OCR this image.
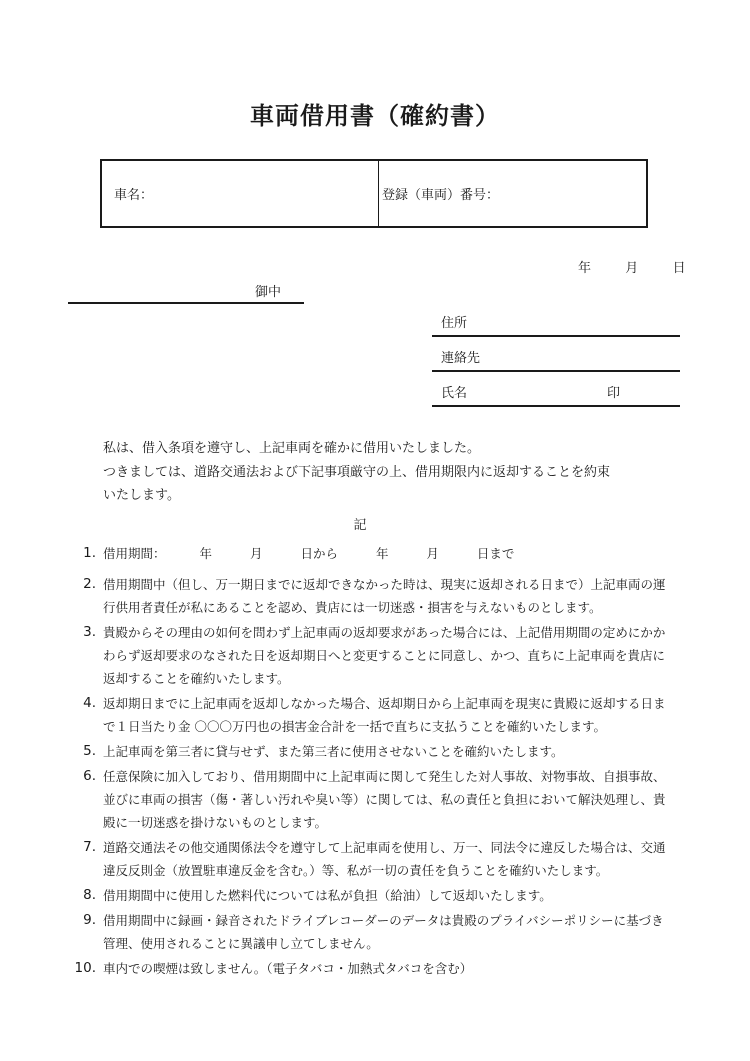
車両借用書（確約書）
車名：	登録（車両）番号：
年	月	日
御中
住所
連絡先
氏名	印
私は、借入条項を遵守し、上記車両を確かに借用いたしました。
つきましては、道路交通法および下記事項厳守の上、借用期限内に返却することを約束
いたします。
記
1. 借用期間：	年	月	日から	年	月	日まで
2. 借用期間中（但し、万一期日までに返却できなかった時は、現実に返却される日まで）上記車両の運
行供用者責任が私にあることを認め、貴店には一切迷惑・損害を与えないものとします。
3. 貴殿からその理由の如何を問わず上記車両の返却要求があった場合には、上記借用期間の定めにかか
わらず返却要求のなされた日を返却期日へと変更することに同意し、かつ、直ちに上記車両を貴店に
返却することを確約いたします。
4. 返却期日までに上記車両を返却しなかった場合、返却期日から上記車両を現実に貴殿に返却する日ま
で１日当たり金 〇〇〇万円也の損害金合計を一括で直ちに支払うことを確約いたします。
5. 上記車両を第三者に貸与せず、また第三者に使用させないことを確約いたします。
6. 任意保険に加入しており、借用期間中に上記車両に関して発生した対人事故、対物事故、自損事故、
並びに車両の損害（傷・著しい汚れや臭い等）に関しては、私の責任と負担において解決処理し、貴
殿に一切迷惑を掛けないものとします。
7. 道路交通法その他交通関係法令を遵守して上記車両を使用し、万一、同法令に違反した場合は、交通
違反反則金（放置駐車違反金を含む。）等、私が一切の責任を負うことを確約いたします。
8. 借用期間中に使用した燃料代については私が負担（給油）して返却いたします。
9. 借用期間中に録画・録音されたドライブレコーダーのデータは貴殿のプライバシーポリシーに基づき
管理、使用されることに異議申し立てしません。
10. 車内での喫煙は致しません。（電子タバコ・加熱式タバコを含む）
